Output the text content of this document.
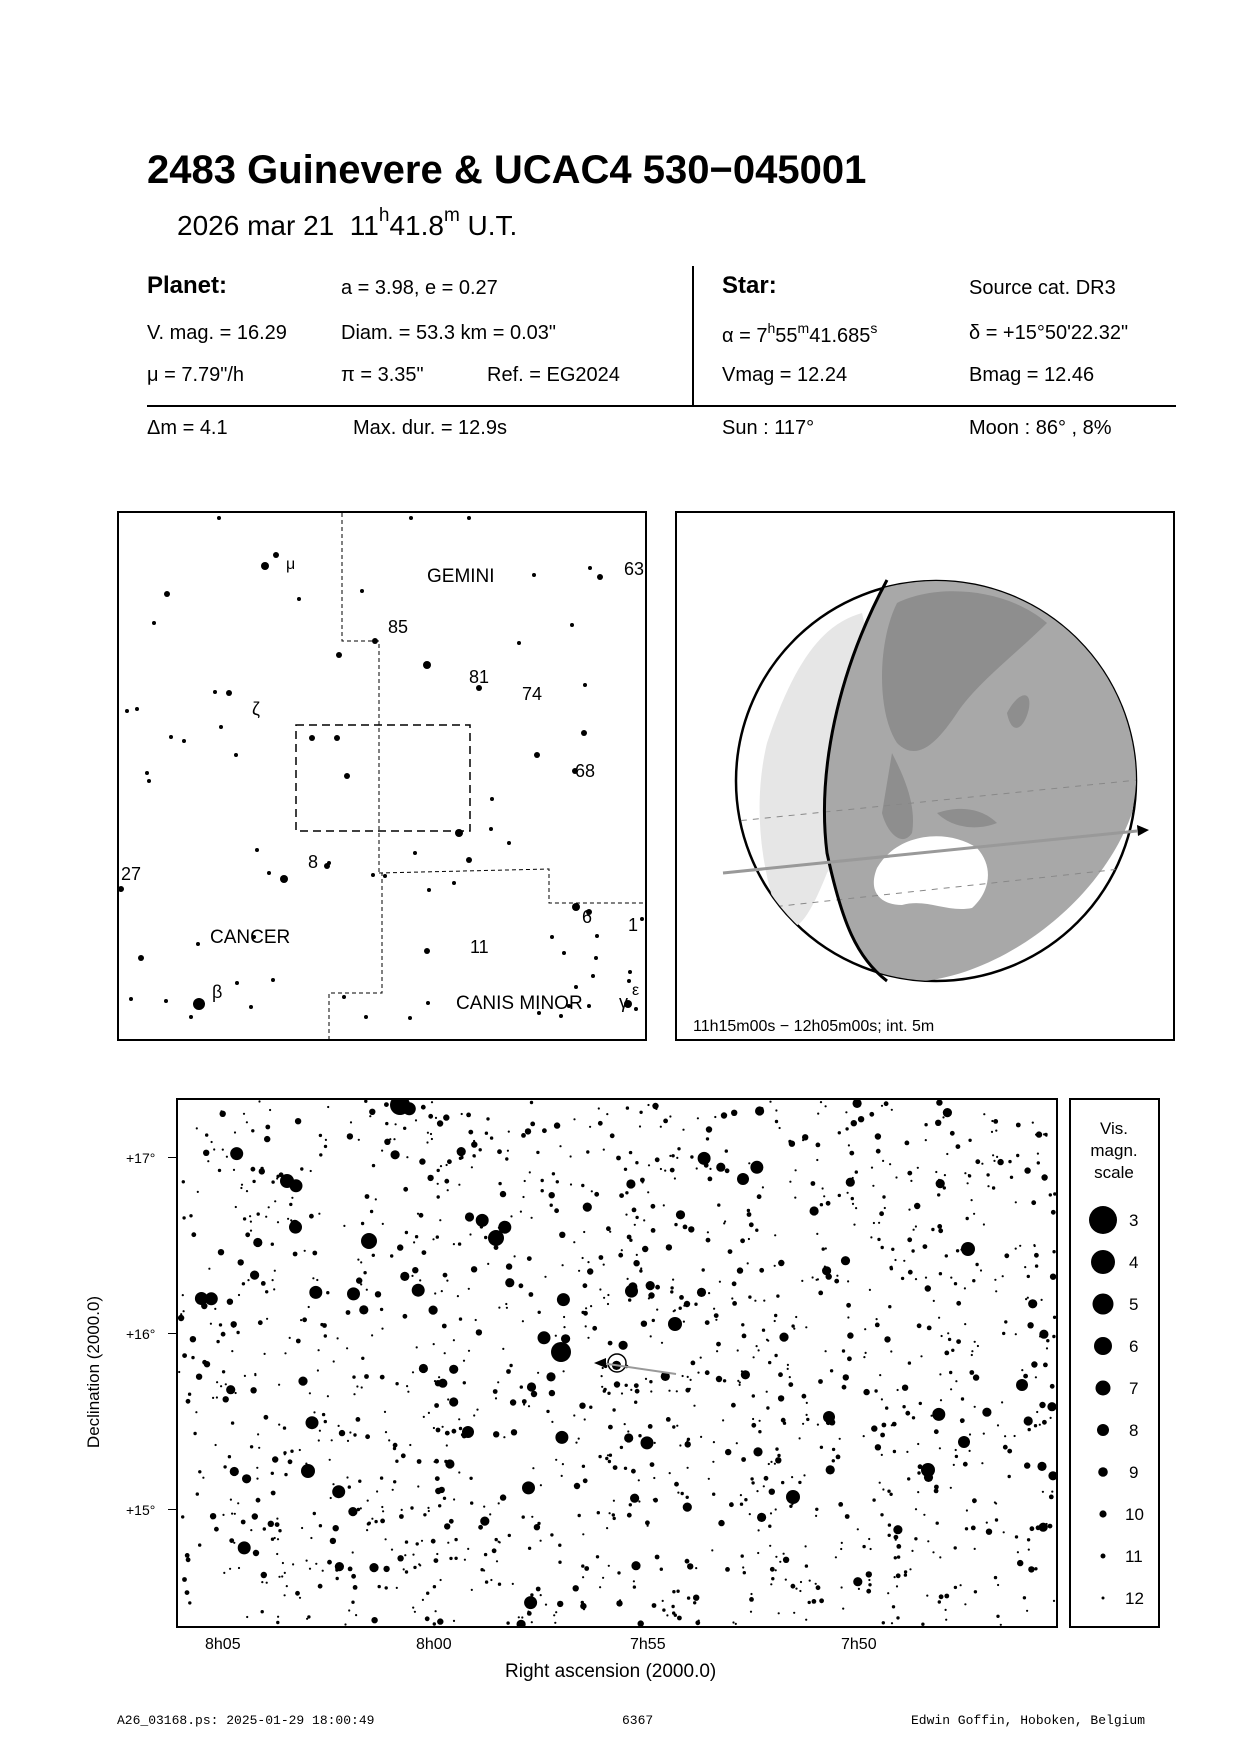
2483 Guinevere & UCAC4 530−045001
2026 mar 21 11$^h$41.8$^m$ U.T.
Planet:	a = 3.98, e = 0.27
V. mag. = 16.29	Diam. = 53.3 km = 0.03"
μ = 7.79"/h	π = 3.35"	Ref. = EG2024
Star:	Source cat. DR3
$\alpha = 7^h55^m41.685^s$	δ = +15°50'22.32"
Vmag = 12.24	Bmag = 12.46
Δm = 4.1	Max. dur. = 12.9s	Sun : 117°	Moon : 86° , 8%
GEMINI
CANCER
CANIS MINOR
μ	63
85
81
74
ζ
68
27
8
6 1
11
β	γ
ε
11h15m00s − 12h05m00s; int. 5m
+17°
+16°
+15°
8h05	8h00	7h55	7h50
Right ascension (2000.0)
Declination (2000.0)
Vis.
magn.
scale
3
4
5
6
7
8
9
10
11
12
A26_03168.ps: 2025-01-29 18:00:49	6367	Edwin Goffin, Hoboken, Belgium
